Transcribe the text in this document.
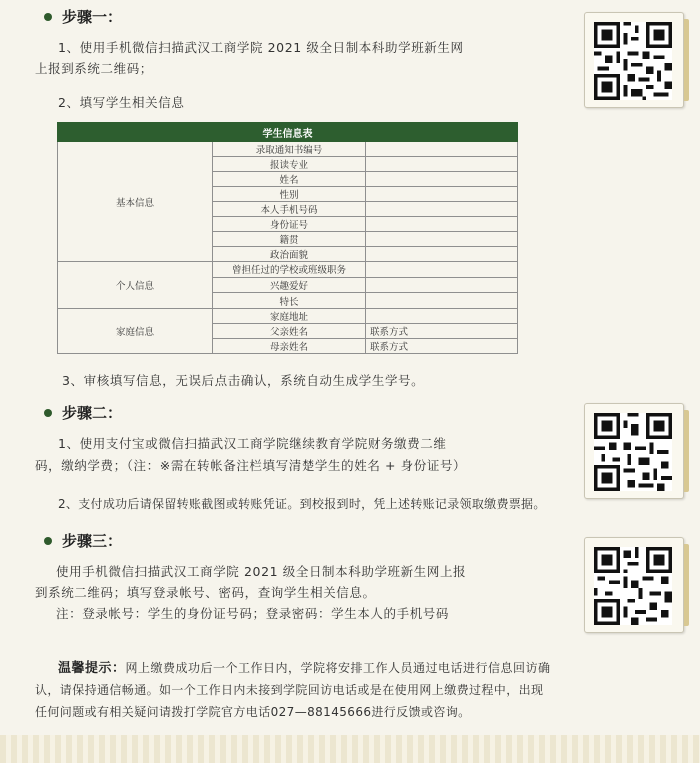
步骤一：
1、使用手机微信扫描武汉工商学院 2021 级全日制本科助学班新生网
上报到系统二维码；
2、填写学生相关信息
学生信息表		
基本信息	录取通知书编号	
	报读专业	
	姓名	
	性别	
	本人手机号码	
	身份证号	
	籍贯	
	政治面貌	
个人信息	曾担任过的学校或班级职务	
	兴趣爱好	
	特长	
家庭信息	家庭地址	
	父亲姓名	联系方式
	母亲姓名	联系方式
3、审核填写信息，无误后点击确认，系统自动生成学生学号。
步骤二：
1、使用支付宝或微信扫描武汉工商学院继续教育学院财务缴费二维
码，缴纳学费；（注：※需在转帐备注栏填写清楚学生的姓名 + 身份证号）
2、支付成功后请保留转账截图或转账凭证。到校报到时，凭上述转账记录领取缴费票据。
步骤三：
使用手机微信扫描武汉工商学院 2021 级全日制本科助学班新生网上报
到系统二维码；填写登录帐号、密码，查询学生相关信息。
注：登录帐号：学生的身份证号码；登录密码：学生本人的手机号码
温馨提示：网上缴费成功后一个工作日内，学院将安排工作人员通过电话进行信息回访确
认，请保持通信畅通。如一个工作日内未接到学院回访电话或是在使用网上缴费过程中，出现
任何问题或有相关疑问请拨打学院官方电话027—88145666进行反馈或咨询。
